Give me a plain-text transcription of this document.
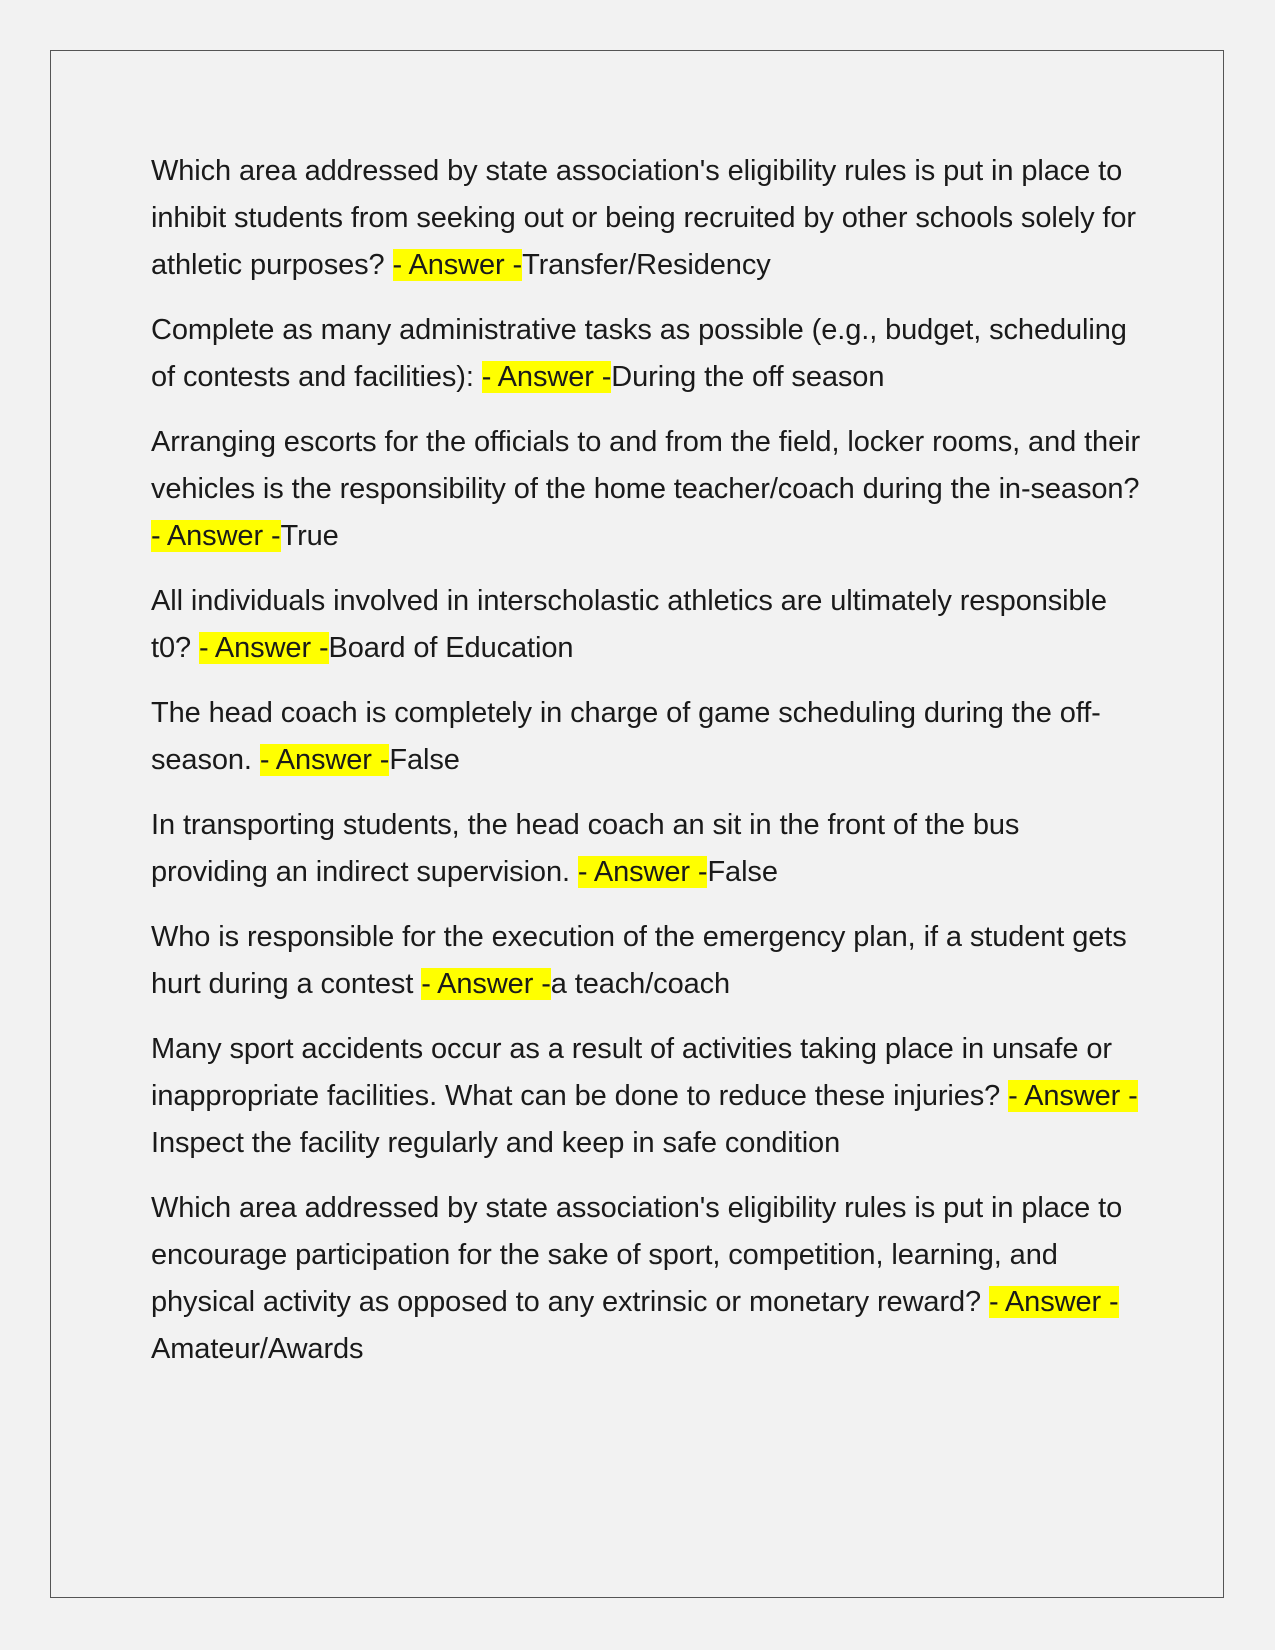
Which area addressed by state association's eligibility rules is put in place to inhibit students from seeking out or being recruited by other schools solely for athletic purposes? - Answer -Transfer/Residency

Complete as many administrative tasks as possible (e.g., budget, scheduling of contests and facilities): - Answer -During the off season

Arranging escorts for the officials to and from the field, locker rooms, and their vehicles is the responsibility of the home teacher/coach during the in-season? - Answer -True

All individuals involved in interscholastic athletics are ultimately responsible t0? - Answer -Board of Education

The head coach is completely in charge of game scheduling during the off-season. - Answer -False

In transporting students, the head coach an sit in the front of the bus providing an indirect supervision. - Answer -False

Who is responsible for the execution of the emergency plan, if a student gets hurt during a contest - Answer -a teach/coach

Many sport accidents occur as a result of activities taking place in unsafe or inappropriate facilities. What can be done to reduce these injuries? - Answer -Inspect the facility regularly and keep in safe condition

Which area addressed by state association's eligibility rules is put in place to encourage participation for the sake of sport, competition, learning, and physical activity as opposed to any extrinsic or monetary reward? - Answer -Amateur/Awards
